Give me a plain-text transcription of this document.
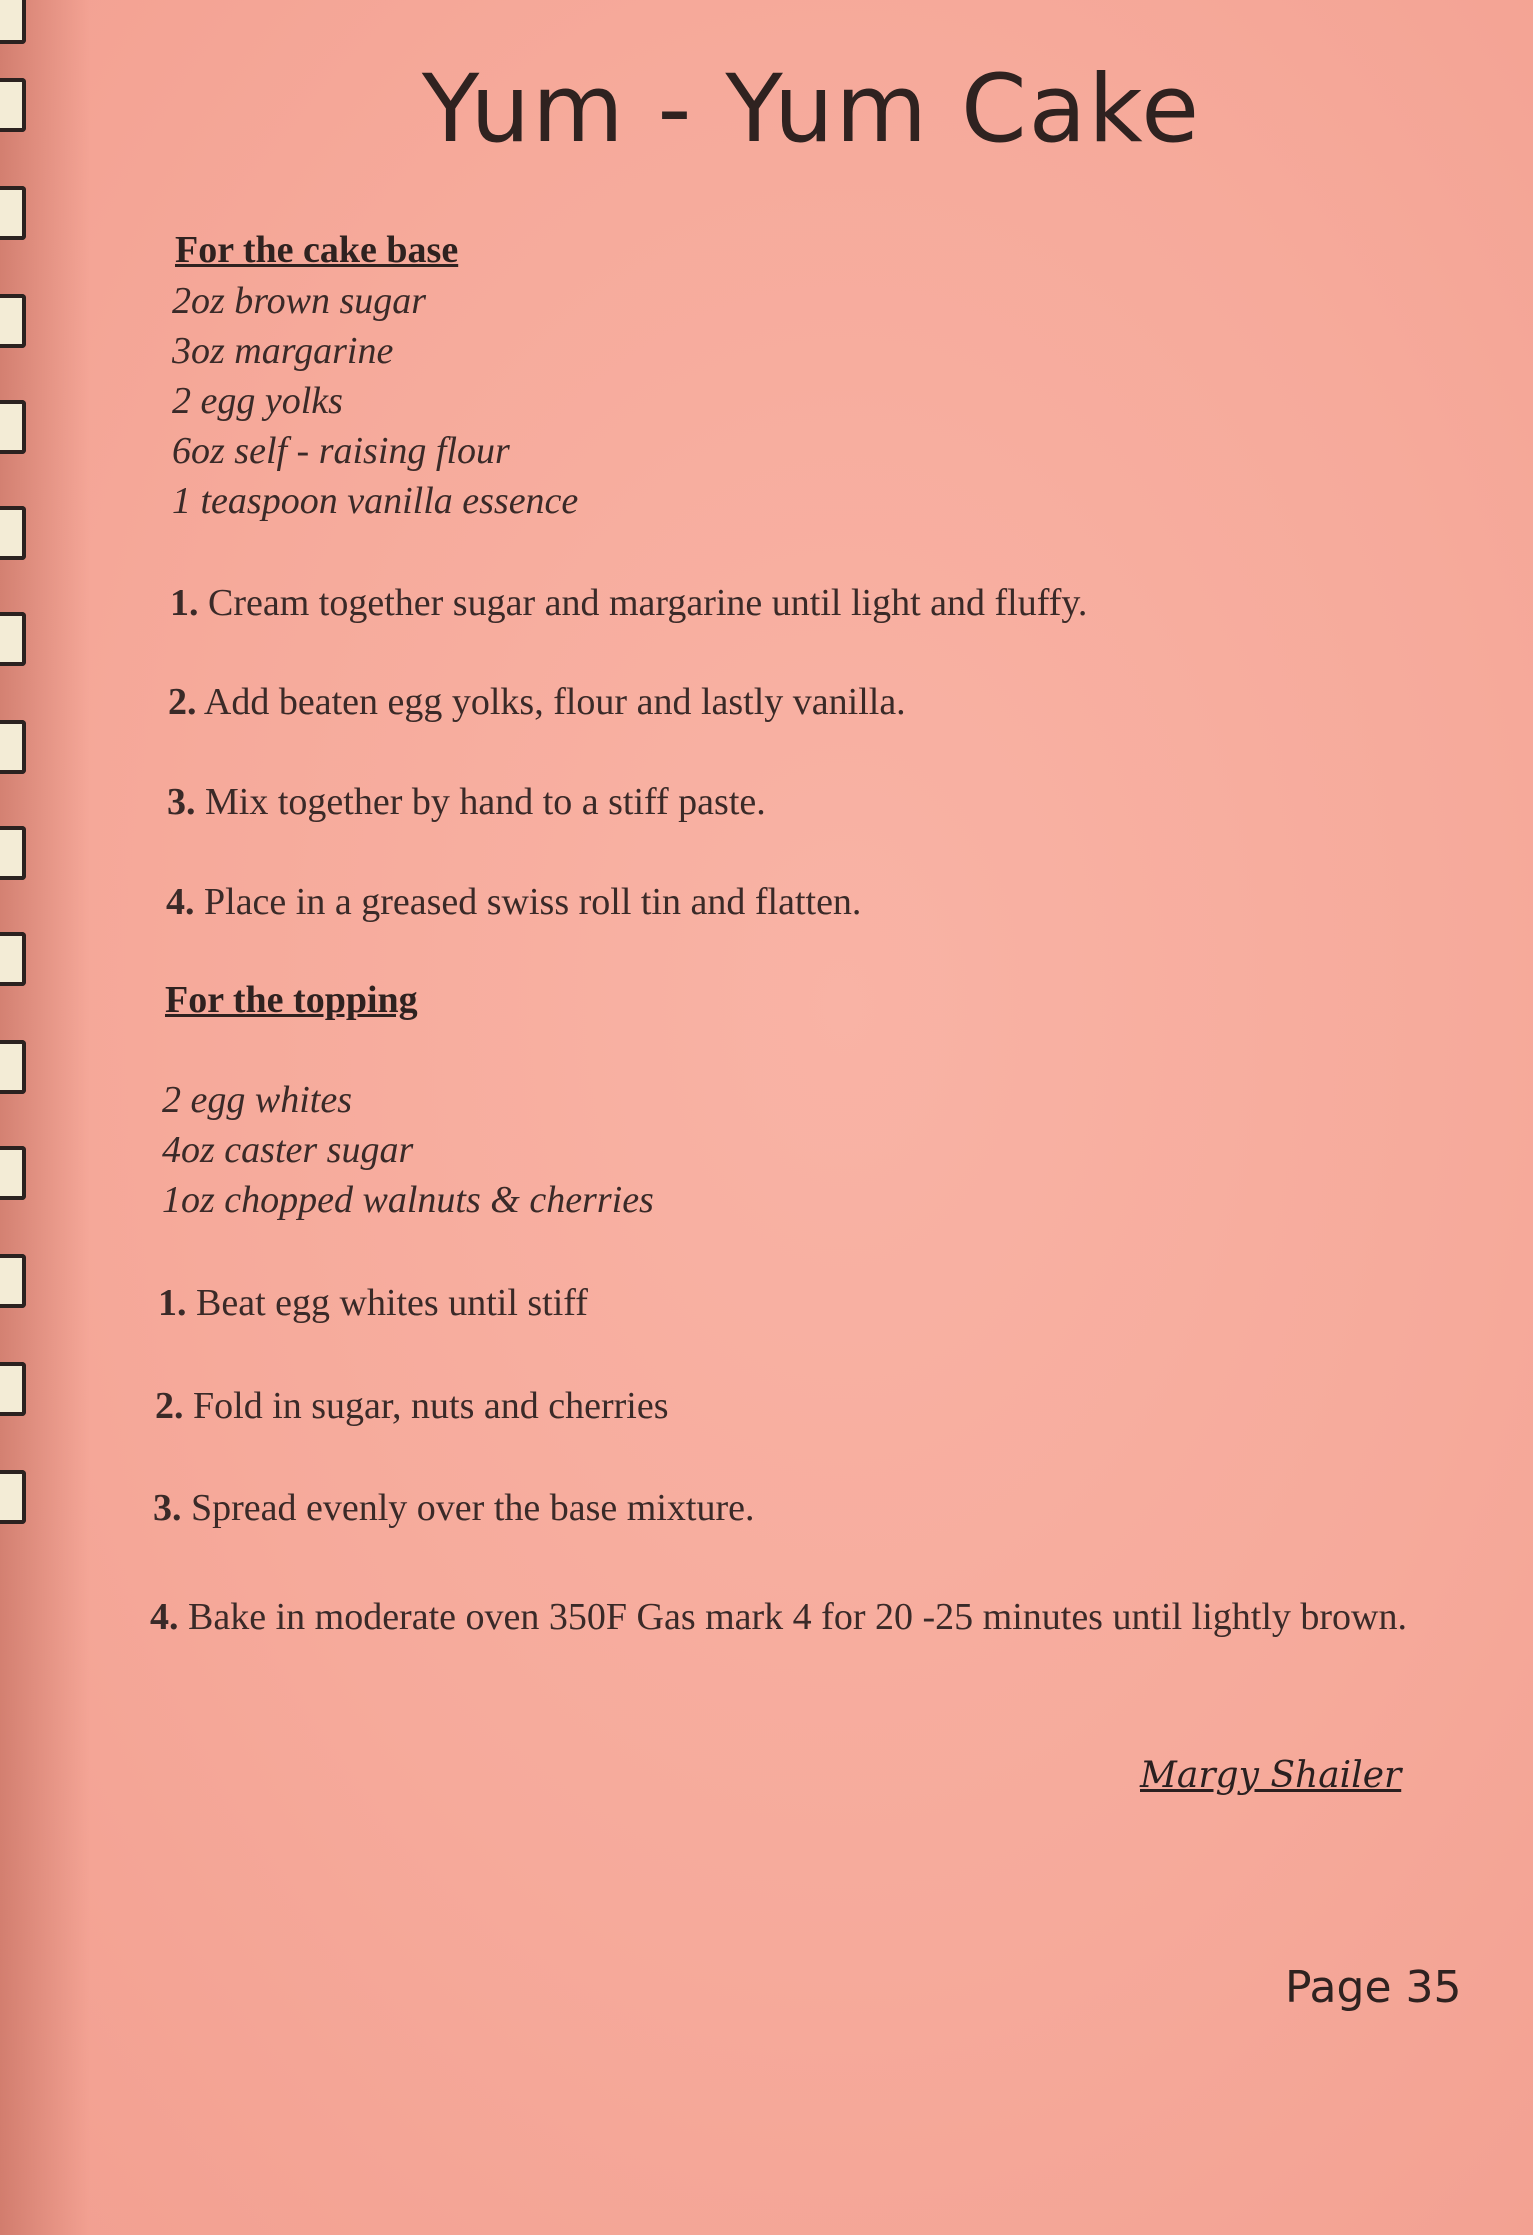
Yum - Yum Cake
For the cake base
2oz brown sugar
3oz margarine
2 egg yolks
6oz self - raising flour
1 teaspoon vanilla essence

1. Cream together sugar and margarine until light and fluffy.

2. Add beaten egg yolks, flour and lastly vanilla.

3. Mix together by hand to a stiff paste.

4. Place in a greased swiss roll tin and flatten.

For the topping
2 egg whites
4oz caster sugar
1oz chopped walnuts & cherries

1. Beat egg whites until stiff

2. Fold in sugar, nuts and cherries

3. Spread evenly over the base mixture.

4. Bake in moderate oven 350F Gas mark 4 for 20 -25 minutes until lightly brown.

Margy Shailer
Page 35
